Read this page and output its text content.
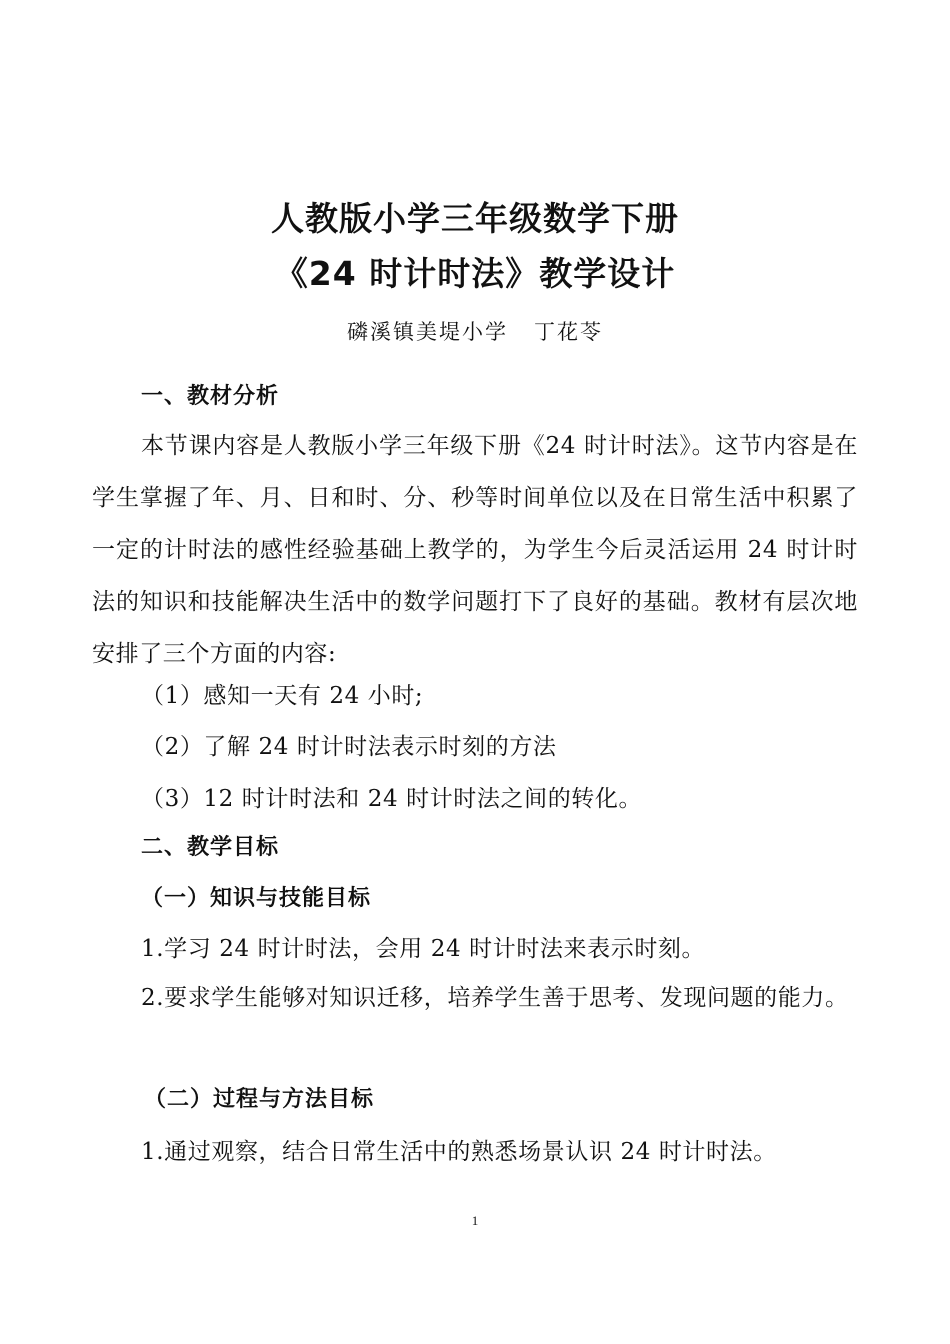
人教版小学三年级数学下册
《24 时计时法》教学设计
磷溪镇美堤小学   丁花苓
一、教材分析
本节课内容是人教版小学三年级下册《24 时计时法》。这节内容是在学生掌握了年、月、日和时、分、秒等时间单位以及在日常生活中积累了一定的计时法的感性经验基础上教学的，为学生今后灵活运用 24 时计时法的知识和技能解决生活中的数学问题打下了良好的基础。教材有层次地安排了三个方面的内容:
（1）感知一天有 24 小时;
（2）了解 24 时计时法表示时刻的方法
（3）12 时计时法和 24 时计时法之间的转化。
二、教学目标
（一）知识与技能目标
1.学习 24 时计时法，会用 24 时计时法来表示时刻。
2.要求学生能够对知识迁移，培养学生善于思考、发现问题的能力。
（二）过程与方法目标
1.通过观察，结合日常生活中的熟悉场景认识 24 时计时法。
1
